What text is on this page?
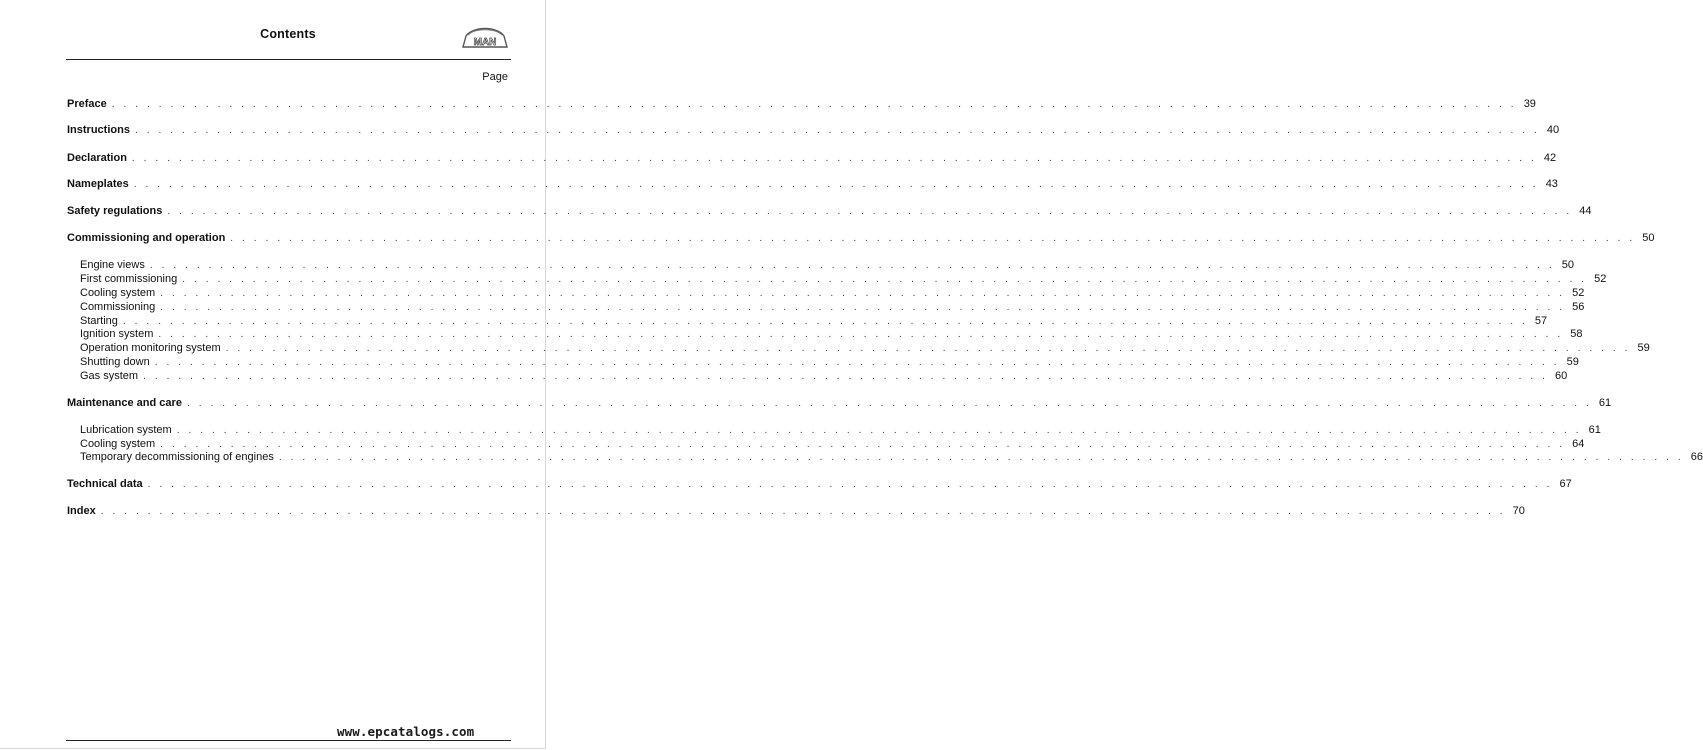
Contents
MAN
Page
Preface . . . . . . . . . . . . . . . . . . . . . . . . . . . . . . . . . . . . . . . . . . . . . . . . . . . . . . . . . . . . . . . . . . . . . . . . . . . . . . . . . . . . . . . . . . . . . . . . . . . . . . . . . . . . . . . . . . . . . . . . 39
Instructions . . . . . . . . . . . . . . . . . . . . . . . . . . . . . . . . . . . . . . . . . . . . . . . . . . . . . . . . . . . . . . . . . . . . . . . . . . . . . . . . . . . . . . . . . . . . . . . . . . . . . . . . . . . . . . . . . . . . . . . . 40
Declaration . . . . . . . . . . . . . . . . . . . . . . . . . . . . . . . . . . . . . . . . . . . . . . . . . . . . . . . . . . . . . . . . . . . . . . . . . . . . . . . . . . . . . . . . . . . . . . . . . . . . . . . . . . . . . . . . . . . . . . . . 42
Nameplates . . . . . . . . . . . . . . . . . . . . . . . . . . . . . . . . . . . . . . . . . . . . . . . . . . . . . . . . . . . . . . . . . . . . . . . . . . . . . . . . . . . . . . . . . . . . . . . . . . . . . . . . . . . . . . . . . . . . . . . . 43
Safety regulations . . . . . . . . . . . . . . . . . . . . . . . . . . . . . . . . . . . . . . . . . . . . . . . . . . . . . . . . . . . . . . . . . . . . . . . . . . . . . . . . . . . . . . . . . . . . . . . . . . . . . . . . . . . . . . . . . . . . . . . . 44
Commissioning and operation . . . . . . . . . . . . . . . . . . . . . . . . . . . . . . . . . . . . . . . . . . . . . . . . . . . . . . . . . . . . . . . . . . . . . . . . . . . . . . . . . . . . . . . . . . . . . . . . . . . . . . . . . . . . . . . . . . . . . . . . 50
Engine views . . . . . . . . . . . . . . . . . . . . . . . . . . . . . . . . . . . . . . . . . . . . . . . . . . . . . . . . . . . . . . . . . . . . . . . . . . . . . . . . . . . . . . . . . . . . . . . . . . . . . . . . . . . . . . . . . . . . . . . . 50
First commissioning . . . . . . . . . . . . . . . . . . . . . . . . . . . . . . . . . . . . . . . . . . . . . . . . . . . . . . . . . . . . . . . . . . . . . . . . . . . . . . . . . . . . . . . . . . . . . . . . . . . . . . . . . . . . . . . . . . . . . . . . 52
Cooling system . . . . . . . . . . . . . . . . . . . . . . . . . . . . . . . . . . . . . . . . . . . . . . . . . . . . . . . . . . . . . . . . . . . . . . . . . . . . . . . . . . . . . . . . . . . . . . . . . . . . . . . . . . . . . . . . . . . . . . . . 52
Commissioning . . . . . . . . . . . . . . . . . . . . . . . . . . . . . . . . . . . . . . . . . . . . . . . . . . . . . . . . . . . . . . . . . . . . . . . . . . . . . . . . . . . . . . . . . . . . . . . . . . . . . . . . . . . . . . . . . . . . . . . . 56
Starting . . . . . . . . . . . . . . . . . . . . . . . . . . . . . . . . . . . . . . . . . . . . . . . . . . . . . . . . . . . . . . . . . . . . . . . . . . . . . . . . . . . . . . . . . . . . . . . . . . . . . . . . . . . . . . . . . . . . . . . . 57
Ignition system . . . . . . . . . . . . . . . . . . . . . . . . . . . . . . . . . . . . . . . . . . . . . . . . . . . . . . . . . . . . . . . . . . . . . . . . . . . . . . . . . . . . . . . . . . . . . . . . . . . . . . . . . . . . . . . . . . . . . . . . 58
Operation monitoring system . . . . . . . . . . . . . . . . . . . . . . . . . . . . . . . . . . . . . . . . . . . . . . . . . . . . . . . . . . . . . . . . . . . . . . . . . . . . . . . . . . . . . . . . . . . . . . . . . . . . . . . . . . . . . . . . . . . . . . . . 59
Shutting down . . . . . . . . . . . . . . . . . . . . . . . . . . . . . . . . . . . . . . . . . . . . . . . . . . . . . . . . . . . . . . . . . . . . . . . . . . . . . . . . . . . . . . . . . . . . . . . . . . . . . . . . . . . . . . . . . . . . . . . . 59
Gas system . . . . . . . . . . . . . . . . . . . . . . . . . . . . . . . . . . . . . . . . . . . . . . . . . . . . . . . . . . . . . . . . . . . . . . . . . . . . . . . . . . . . . . . . . . . . . . . . . . . . . . . . . . . . . . . . . . . . . . . . 60
Maintenance and care . . . . . . . . . . . . . . . . . . . . . . . . . . . . . . . . . . . . . . . . . . . . . . . . . . . . . . . . . . . . . . . . . . . . . . . . . . . . . . . . . . . . . . . . . . . . . . . . . . . . . . . . . . . . . . . . . . . . . . . . 61
Lubrication system . . . . . . . . . . . . . . . . . . . . . . . . . . . . . . . . . . . . . . . . . . . . . . . . . . . . . . . . . . . . . . . . . . . . . . . . . . . . . . . . . . . . . . . . . . . . . . . . . . . . . . . . . . . . . . . . . . . . . . . . 61
Cooling system . . . . . . . . . . . . . . . . . . . . . . . . . . . . . . . . . . . . . . . . . . . . . . . . . . . . . . . . . . . . . . . . . . . . . . . . . . . . . . . . . . . . . . . . . . . . . . . . . . . . . . . . . . . . . . . . . . . . . . . . 64
Temporary decommissioning of engines . . . . . . . . . . . . . . . . . . . . . . . . . . . . . . . . . . . . . . . . . . . . . . . . . . . . . . . . . . . . . . . . . . . . . . . . . . . . . . . . . . . . . . . . . . . . . . . . . . . . . . . . . . . . . . . . . . . . . . . . 66
Technical data . . . . . . . . . . . . . . . . . . . . . . . . . . . . . . . . . . . . . . . . . . . . . . . . . . . . . . . . . . . . . . . . . . . . . . . . . . . . . . . . . . . . . . . . . . . . . . . . . . . . . . . . . . . . . . . . . . . . . . . . 67
Index . . . . . . . . . . . . . . . . . . . . . . . . . . . . . . . . . . . . . . . . . . . . . . . . . . . . . . . . . . . . . . . . . . . . . . . . . . . . . . . . . . . . . . . . . . . . . . . . . . . . . . . . . . . . . . . . . . . . . . . . 70
www.epcatalogs.com
